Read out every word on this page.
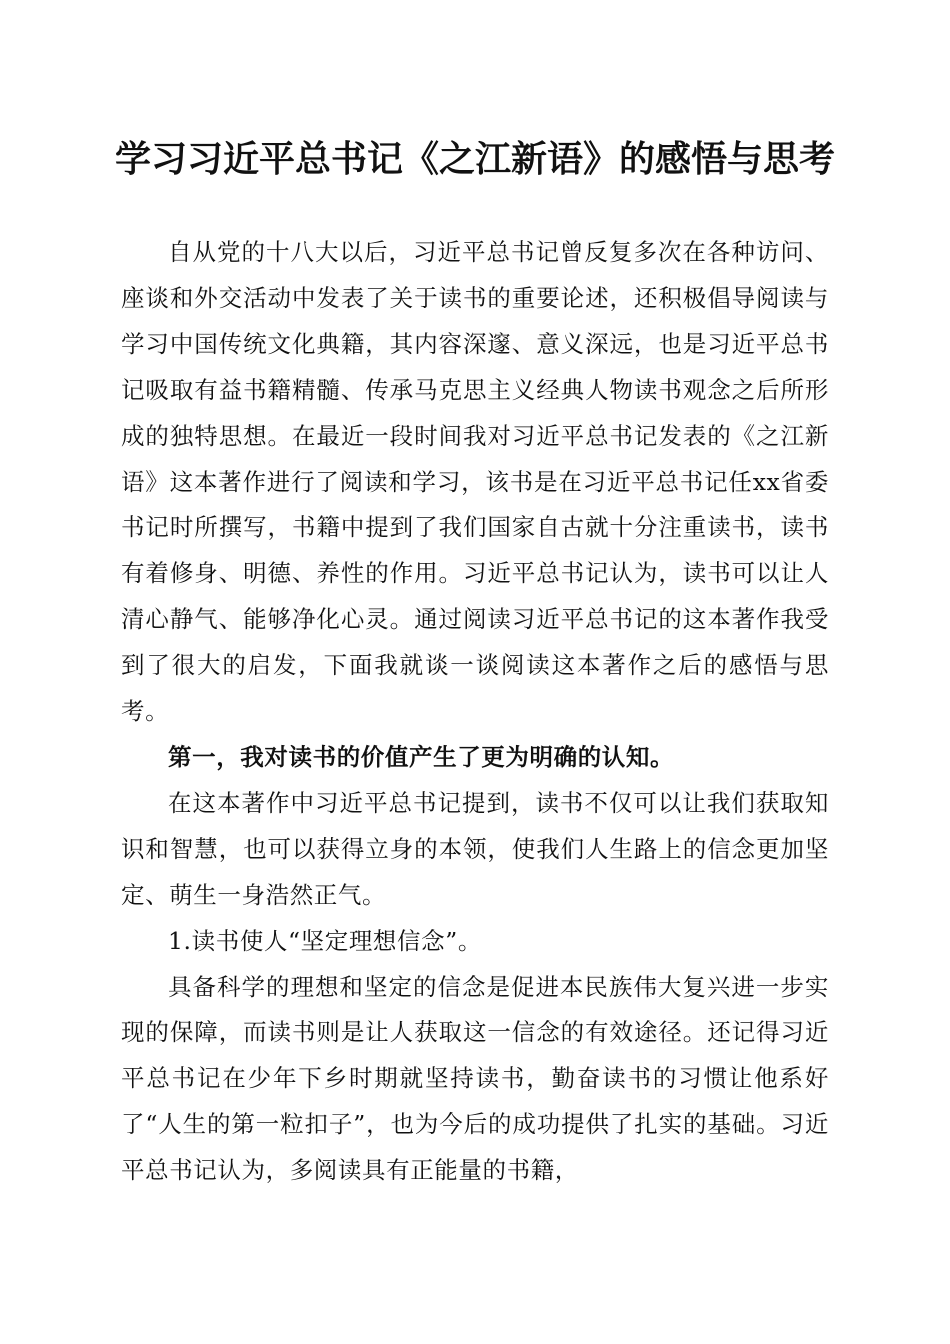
学习习近平总书记《之江新语》的感悟与思考

自从党的十八大以后，习近平总书记曾反复多次在各种访问、座谈和外交活动中发表了关于读书的重要论述，还积极倡导阅读与学习中国传统文化典籍，其内容深邃、意义深远，也是习近平总书记吸取有益书籍精髓、传承马克思主义经典人物读书观念之后所形成的独特思想。在最近一段时间我对习近平总书记发表的《之江新语》这本著作进行了阅读和学习，该书是在习近平总书记任xx省委书记时所撰写，书籍中提到了我们国家自古就十分注重读书，读书有着修身、明德、养性的作用。习近平总书记认为，读书可以让人清心静气、能够净化心灵。通过阅读习近平总书记的这本著作我受到了很大的启发，下面我就谈一谈阅读这本著作之后的感悟与思考。

第一，我对读书的价值产生了更为明确的认知。

在这本著作中习近平总书记提到，读书不仅可以让我们获取知识和智慧，也可以获得立身的本领，使我们人生路上的信念更加坚定、萌生一身浩然正气。

1.读书使人“坚定理想信念”。

具备科学的理想和坚定的信念是促进本民族伟大复兴进一步实现的保障，而读书则是让人获取这一信念的有效途径。还记得习近平总书记在少年下乡时期就坚持读书，勤奋读书的习惯让他系好了“人生的第一粒扣子”，也为今后的成功提供了扎实的基础。习近平总书记认为，多阅读具有正能量的书籍，
